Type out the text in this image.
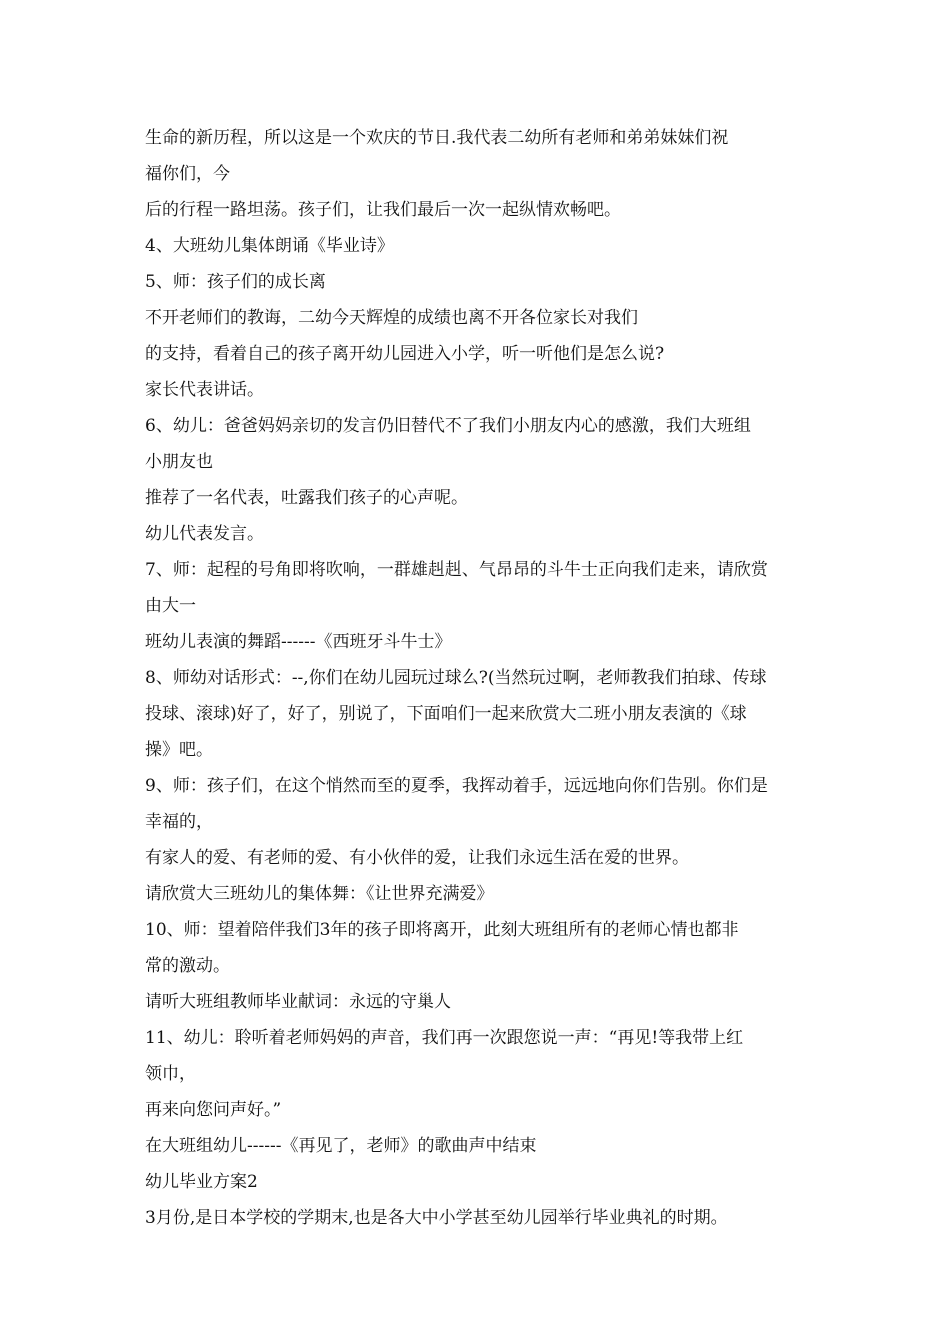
生命的新历程，所以这是一个欢庆的节日.我代表二幼所有老师和弟弟妹妹们祝
福你们，今
后的行程一路坦荡。孩子们，让我们最后一次一起纵情欢畅吧。
4、大班幼儿集体朗诵《毕业诗》
5、师：孩子们的成长离
不开老师们的教诲，二幼今天辉煌的成绩也离不开各位家长对我们
的支持，看着自己的孩子离开幼儿园进入小学，听一听他们是怎么说?
家长代表讲话。
6、幼儿：爸爸妈妈亲切的发言仍旧替代不了我们小朋友内心的感激，我们大班组
小朋友也
推荐了一名代表，吐露我们孩子的心声呢。
幼儿代表发言。
7、师：起程的号角即将吹响，一群雄赳赳、气昂昂的斗牛士正向我们走来，请欣赏
由大一
班幼儿表演的舞蹈------《西班牙斗牛士》
8、师幼对话形式：--,你们在幼儿园玩过球么?(当然玩过啊，老师教我们拍球、传球
投球、滚球)好了，好了，别说了，下面咱们一起来欣赏大二班小朋友表演的《球
操》吧。
9、师：孩子们，在这个悄然而至的夏季，我挥动着手，远远地向你们告别。你们是
幸福的，
有家人的爱、有老师的爱、有小伙伴的爱，让我们永远生活在爱的世界。
请欣赏大三班幼儿的集体舞：《让世界充满爱》
10、师：望着陪伴我们3年的孩子即将离开，此刻大班组所有的老师心情也都非
常的激动。
请听大班组教师毕业献词：永远的守巢人
11、幼儿：聆听着老师妈妈的声音，我们再一次跟您说一声：“再见!等我带上红
领巾，
再来向您问声好。”
在大班组幼儿------《再见了，老师》的歌曲声中结束
幼儿毕业方案2
3月份,是日本学校的学期末,也是各大中小学甚至幼儿园举行毕业典礼的时期。
